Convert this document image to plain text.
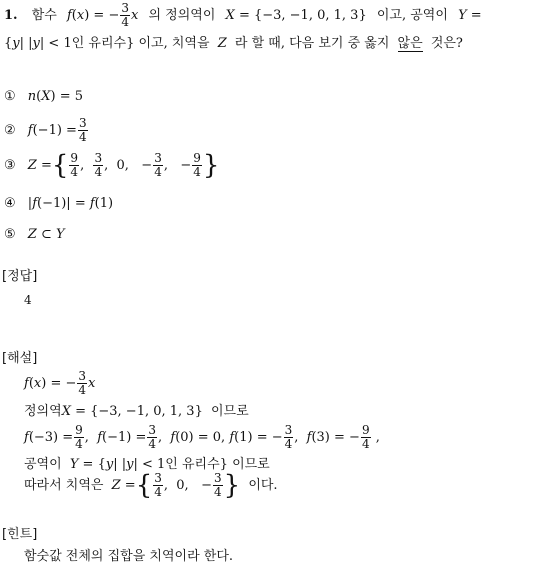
1. 함수 f(x) = − $\frac{3}{4}$ x 의 정의역이 X = {−3, −1, 0, 1, 3} 이고, 공역이 Y =
{y| |y| < 1인 유리수} 이고, 치역을 Z 라 할 때, 다음 보기 중 옳지 않은 것은?
① n(X) = 5
② $f(-1) = \frac{3}{4}$
③ Z ={ $\frac{9}{4}$ , $\frac{3}{4}$ ,  0,   − $\frac{3}{4}$ ,   − $\frac{9}{4}$ }
④ |f(−1)| = f(1)
⑤ Z ⊂ Y
[정답]
4
[해설]
f(x) = − $\frac{3}{4}$ x
정의역X = {−3, −1, 0, 1, 3} 이므로
$f(-3) = \frac{9}{4}$ ,  $f(-1) = \frac{3}{4}$ ,  f(0) = 0, f(1) = − $\frac{3}{4}$ ,  f(3) = − $\frac{9}{4}$ ,
공역이 Y = {y| |y| < 1인 유리수} 이므로
따라서 치역은 Z ={ $\frac{3}{4}$ ,  0,   − $\frac{3}{4}$ } 이다.
[힌트]
함숫값 전체의 집합을 치역이라 한다.
